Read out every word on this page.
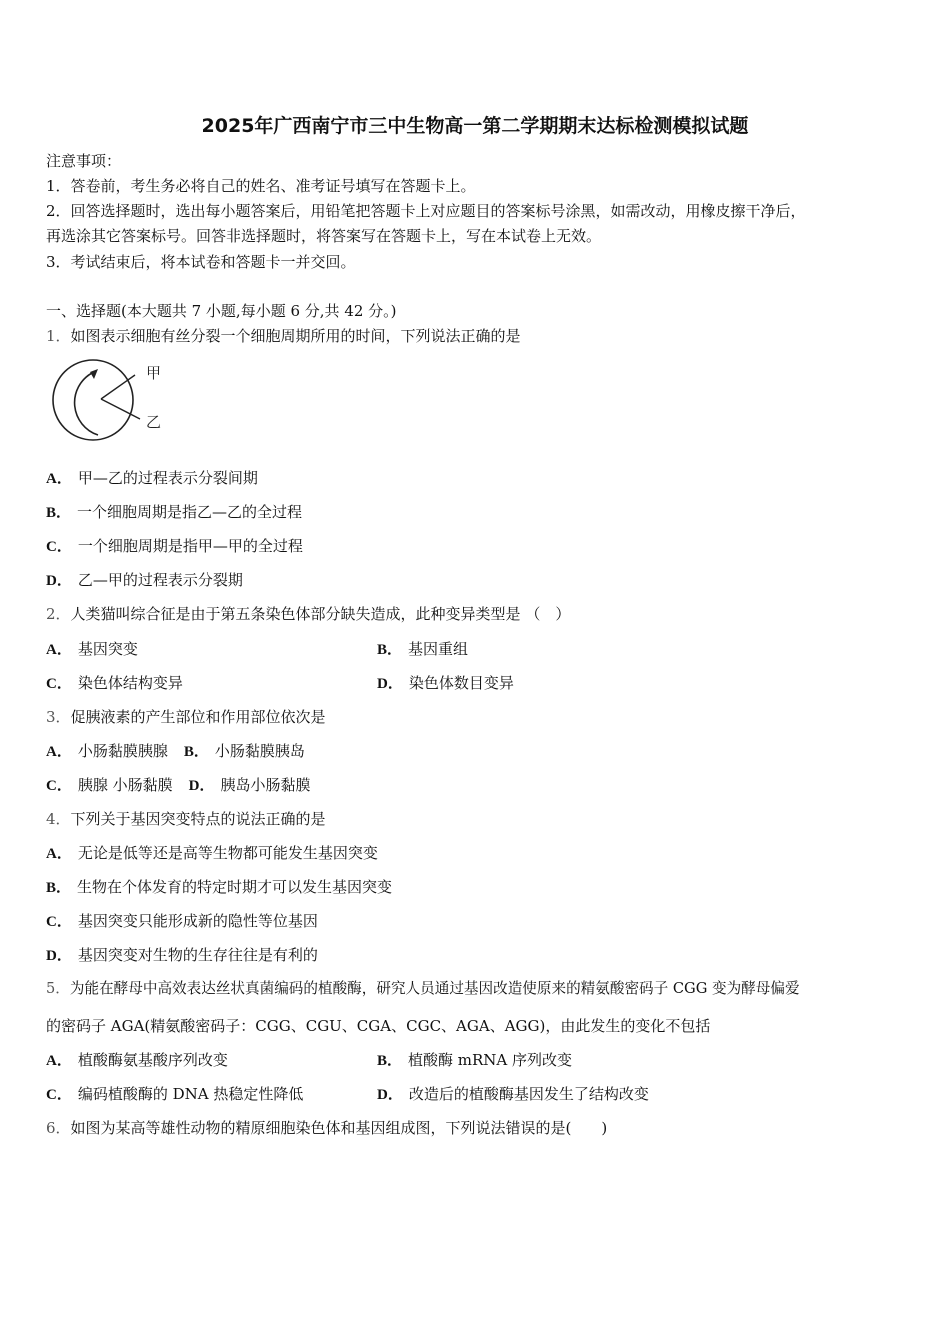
2025年广西南宁市三中生物高一第二学期期末达标检测模拟试题
注意事项：
1．答卷前，考生务必将自己的姓名、准考证号填写在答题卡上。
2．回答选择题时，选出每小题答案后，用铅笔把答题卡上对应题目的答案标号涂黑，如需改动，用橡皮擦干净后，
再选涂其它答案标号。回答非选择题时，将答案写在答题卡上，写在本试卷上无效。
3．考试结束后，将本试卷和答题卡一并交回。
一、选择题(本大题共 7 小题,每小题 6 分,共 42 分。)
1．如图表示细胞有丝分裂一个细胞周期所用的时间，下列说法正确的是
甲
乙
A． 甲—乙的过程表示分裂间期
B． 一个细胞周期是指乙—乙的全过程
C． 一个细胞周期是指甲—甲的全过程
D． 乙—甲的过程表示分裂期
2．人类猫叫综合征是由于第五条染色体部分缺失造成，此种变异类型是 （　）
A． 基因突变	B． 基因重组
C． 染色体结构变异	D． 染色体数目变异
3．促胰液素的产生部位和作用部位依次是
A． 小肠黏膜胰腺 B． 小肠黏膜胰岛
C． 胰腺 小肠黏膜 D． 胰岛小肠黏膜
4．下列关于基因突变特点的说法正确的是
A． 无论是低等还是高等生物都可能发生基因突变
B． 生物在个体发育的特定时期才可以发生基因突变
C． 基因突变只能形成新的隐性等位基因
D． 基因突变对生物的生存往往是有利的
5．为能在酵母中高效表达丝状真菌编码的植酸酶，研究人员通过基因改造使原来的精氨酸密码子 CGG 变为酵母偏爱
的密码子 AGA(精氨酸密码子：CGG、CGU、CGA、CGC、AGA、AGG)，由此发生的变化不包括
A． 植酸酶氨基酸序列改变	B． 植酸酶 mRNA 序列改变
C． 编码植酸酶的 DNA 热稳定性降低	D． 改造后的植酸酶基因发生了结构改变
6．如图为某高等雄性动物的精原细胞染色体和基因组成图，下列说法错误的是(　　)
